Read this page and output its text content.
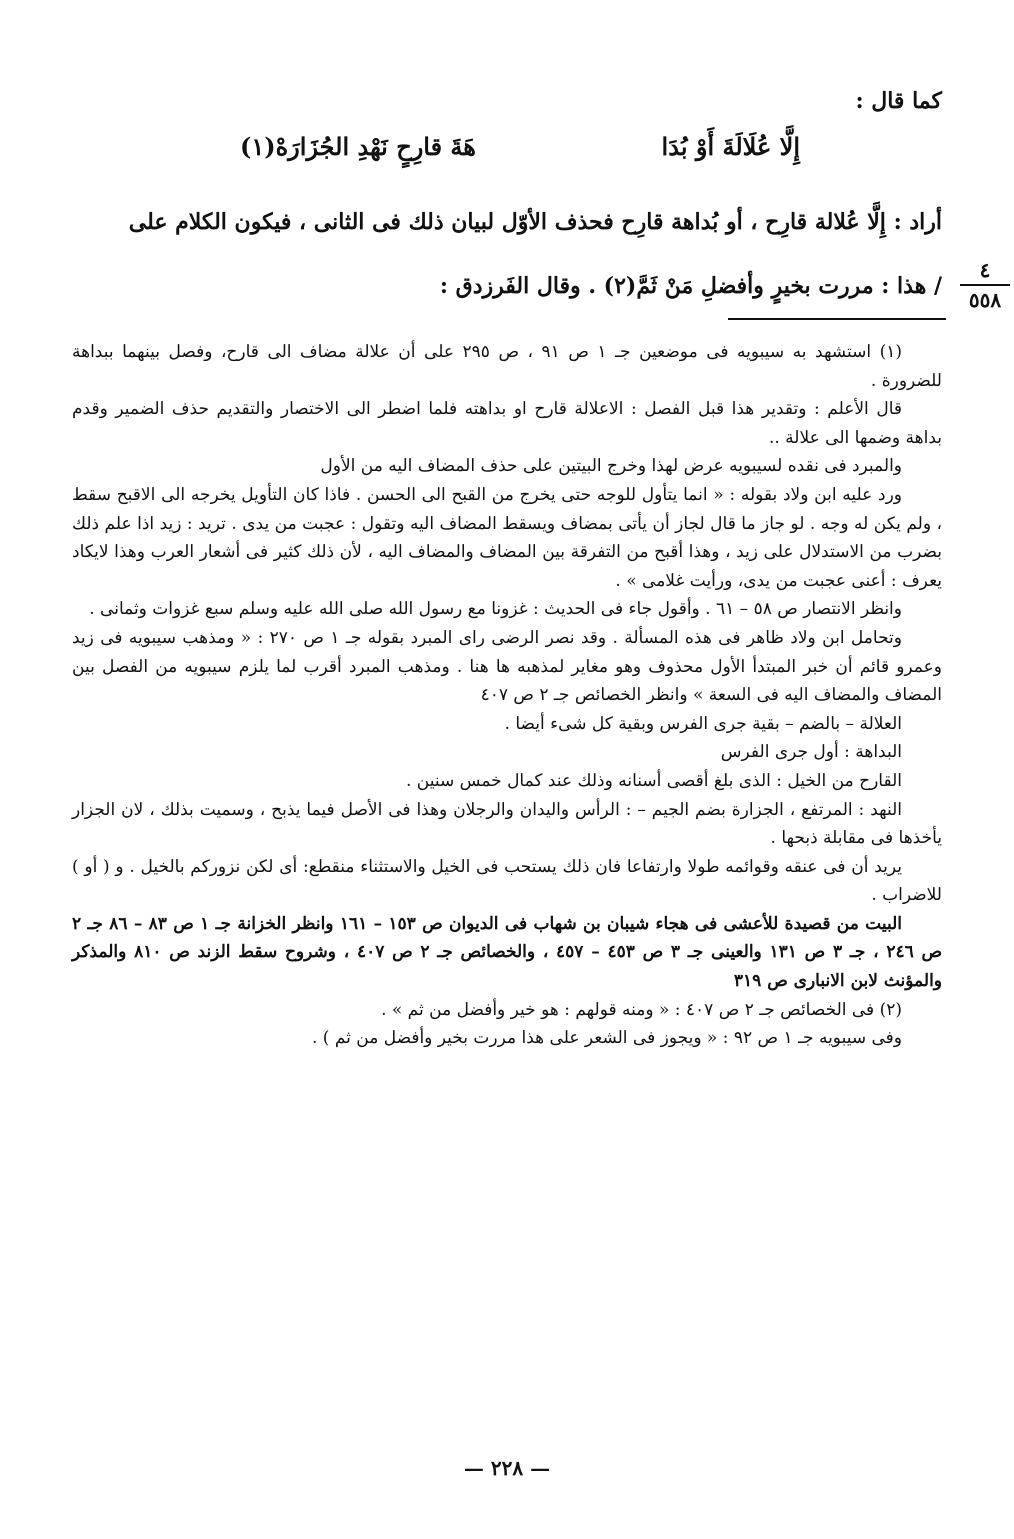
كما قال :
إِلَّا عُلَالَةَ أَوْ بُدَا
هَةَ قارِحٍ نَهْدِ الجُزَارَهْ(١)
أراد : إِلَّا عُلالة قارِح ، أو بُداهة قارِح فحذف الأوّل لبيان ذلك فى الثانى ، فيكون الكلام على
/ هذا : مررت بخيرٍ وأفضلِ مَنْ ثَمَّ(٢) . وقال الفَرزدق :
٤
٥٥٨

(١) استشهد به سيبويه فى موضعين جـ ١ ص ٩١ ، ص ٢٩٥ على أن علالة مضاف الى قارح، وفصل بينهما ببداهة للضرورة .

قال الأعلم : وتقدير هذا قبل الفصل : الاعلالة قارح او بداهته فلما اضطر الى الاختصار والتقديم حذف الضمير وقدم بداهة وضمها الى علالة ..

والمبرد فى نقده لسيبويه عرض لهذا وخرج البيتين على حذف المضاف اليه من الأول

ورد عليه ابن ولاد بقوله : « انما يتأول للوجه حتى يخرج من القبح الى الحسن . فاذا كان التأويل يخرجه الى الاقبح سقط ، ولم يكن له وجه . لو جاز ما قال لجاز أن يأتى بمضاف ويسقط المضاف اليه وتقول : عجبت من يدى . تريد : زيد اذا علم ذلك بضرب من الاستدلال على زيد ، وهذا أقبح من التفرقة بين المضاف والمضاف اليه ، لأن ذلك كثير فى أشعار العرب وهذا لايكاد يعرف : أعنى عجبت من يدى، ورأيت غلامى » .

وانظر الانتصار ص ٥٨ – ٦١ . وأقول جاء فى الحديث : غزونا مع رسول الله صلى الله عليه وسلم سبع غزوات وثمانى .

وتحامل ابن ولاد ظاهر فى هذه المسألة . وقد نصر الرضى راى المبرد بقوله جـ ١ ص ٢٧٠ : « ومذهب سيبويه فى زيد وعمرو قائم أن خبر المبتدأ الأول محذوف وهو مغاير لمذهبه ها هنا . ومذهب المبرد أقرب لما يلزم سيبويه من الفصل بين المضاف والمضاف اليه فى السعة » وانظر الخصائص جـ ٢ ص ٤٠٧

العلالة – بالضم – بقية جرى الفرس وبقية كل شىء أيضا .

البداهة : أول جرى الفرس

القارح من الخيل : الذى بلغ أقصى أسنانه وذلك عند كمال خمس سنين .

النهد : المرتفع ، الجزارة بضم الجيم – : الرأس واليدان والرجلان وهذا فى الأصل فيما يذبح ، وسميت بذلك ، لان الجزار يأخذها فى مقابلة ذبحها .

يريد أن فى عنقه وقوائمه طولا وارتفاعا فان ذلك يستحب فى الخيل والاستثناء منقطع: أى لكن نزوركم بالخيل . و ( أو ) للاضراب .

البيت من قصيدة للأعشى فى هجاء شيبان بن شهاب فى الديوان ص ١٥٣ – ١٦١ وانظر الخزانة جـ ١ ص ٨٣ – ٨٦ جـ ٢ ص ٢٤٦ ، جـ ٣ ص ١٣١ والعينى جـ ٣ ص ٤٥٣ – ٤٥٧ ، والخصائص جـ ٢ ص ٤٠٧ ، وشروح سقط الزند ص ٨١٠ والمذكر والمؤنث لابن الانبارى ص ٣١٩

(٢) فى الخصائص جـ ٢ ص ٤٠٧ : « ومنه قولهم : هو خير وأفضل من ثم » .

وفى سيبويه جـ ١ ص ٩٢ : « ويجوز فى الشعر على هذا مررت بخير وأفضل من ثم ) .

— ٢٢٨ —
